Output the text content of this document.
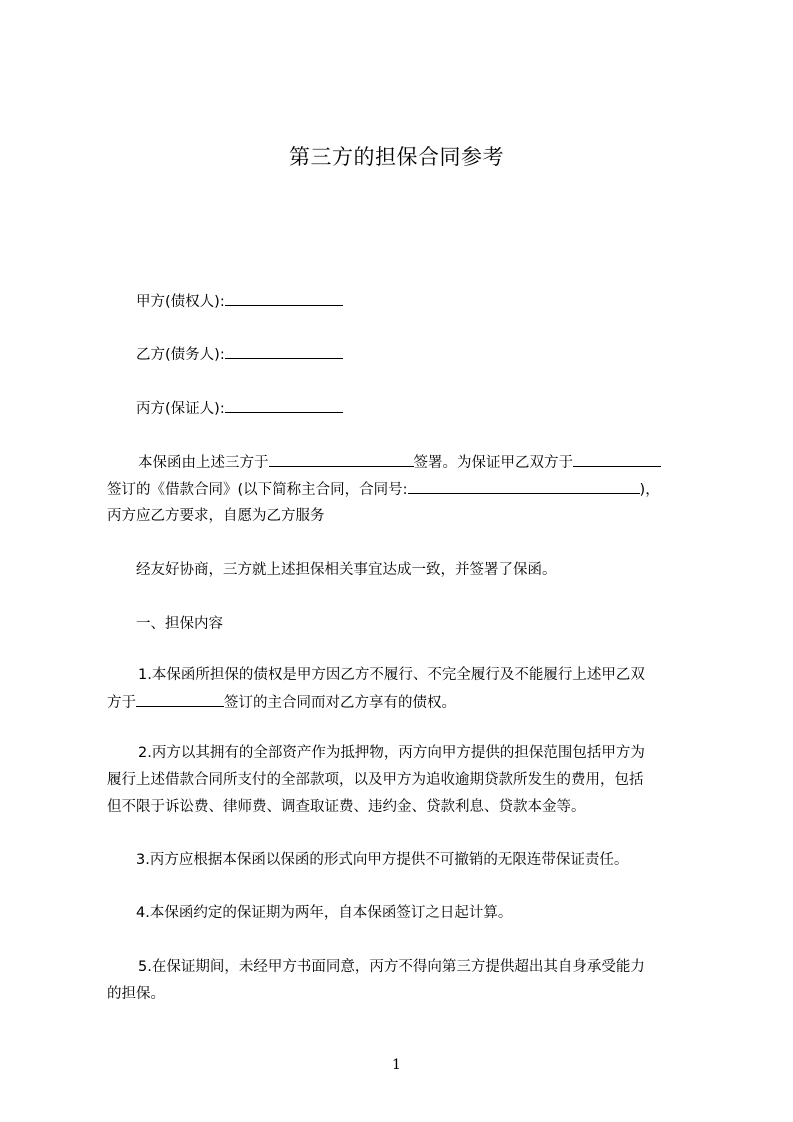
第三方的担保合同参考
甲方(债权人):
乙方(债务人):
丙方(保证人):
本保函由上述三方于	签署。为保证甲乙双方于
签订的《借款合同》(以下简称主合同，合同号:	)，
丙方应乙方要求，自愿为乙方服务
经友好协商，三方就上述担保相关事宜达成一致，并签署了保函。
一、担保内容
1.本保函所担保的债权是甲方因乙方不履行、不完全履行及不能履行上述甲乙双
方于	签订的主合同而对乙方享有的债权。
2.丙方以其拥有的全部资产作为抵押物，丙方向甲方提供的担保范围包括甲方为
履行上述借款合同所支付的全部款项，以及甲方为追收逾期贷款所发生的费用，包括
但不限于诉讼费、律师费、调查取证费、违约金、贷款利息、贷款本金等。
3.丙方应根据本保函以保函的形式向甲方提供不可撤销的无限连带保证责任。
4.本保函约定的保证期为两年，自本保函签订之日起计算。
5.在保证期间，未经甲方书面同意，丙方不得向第三方提供超出其自身承受能力
的担保。
1
